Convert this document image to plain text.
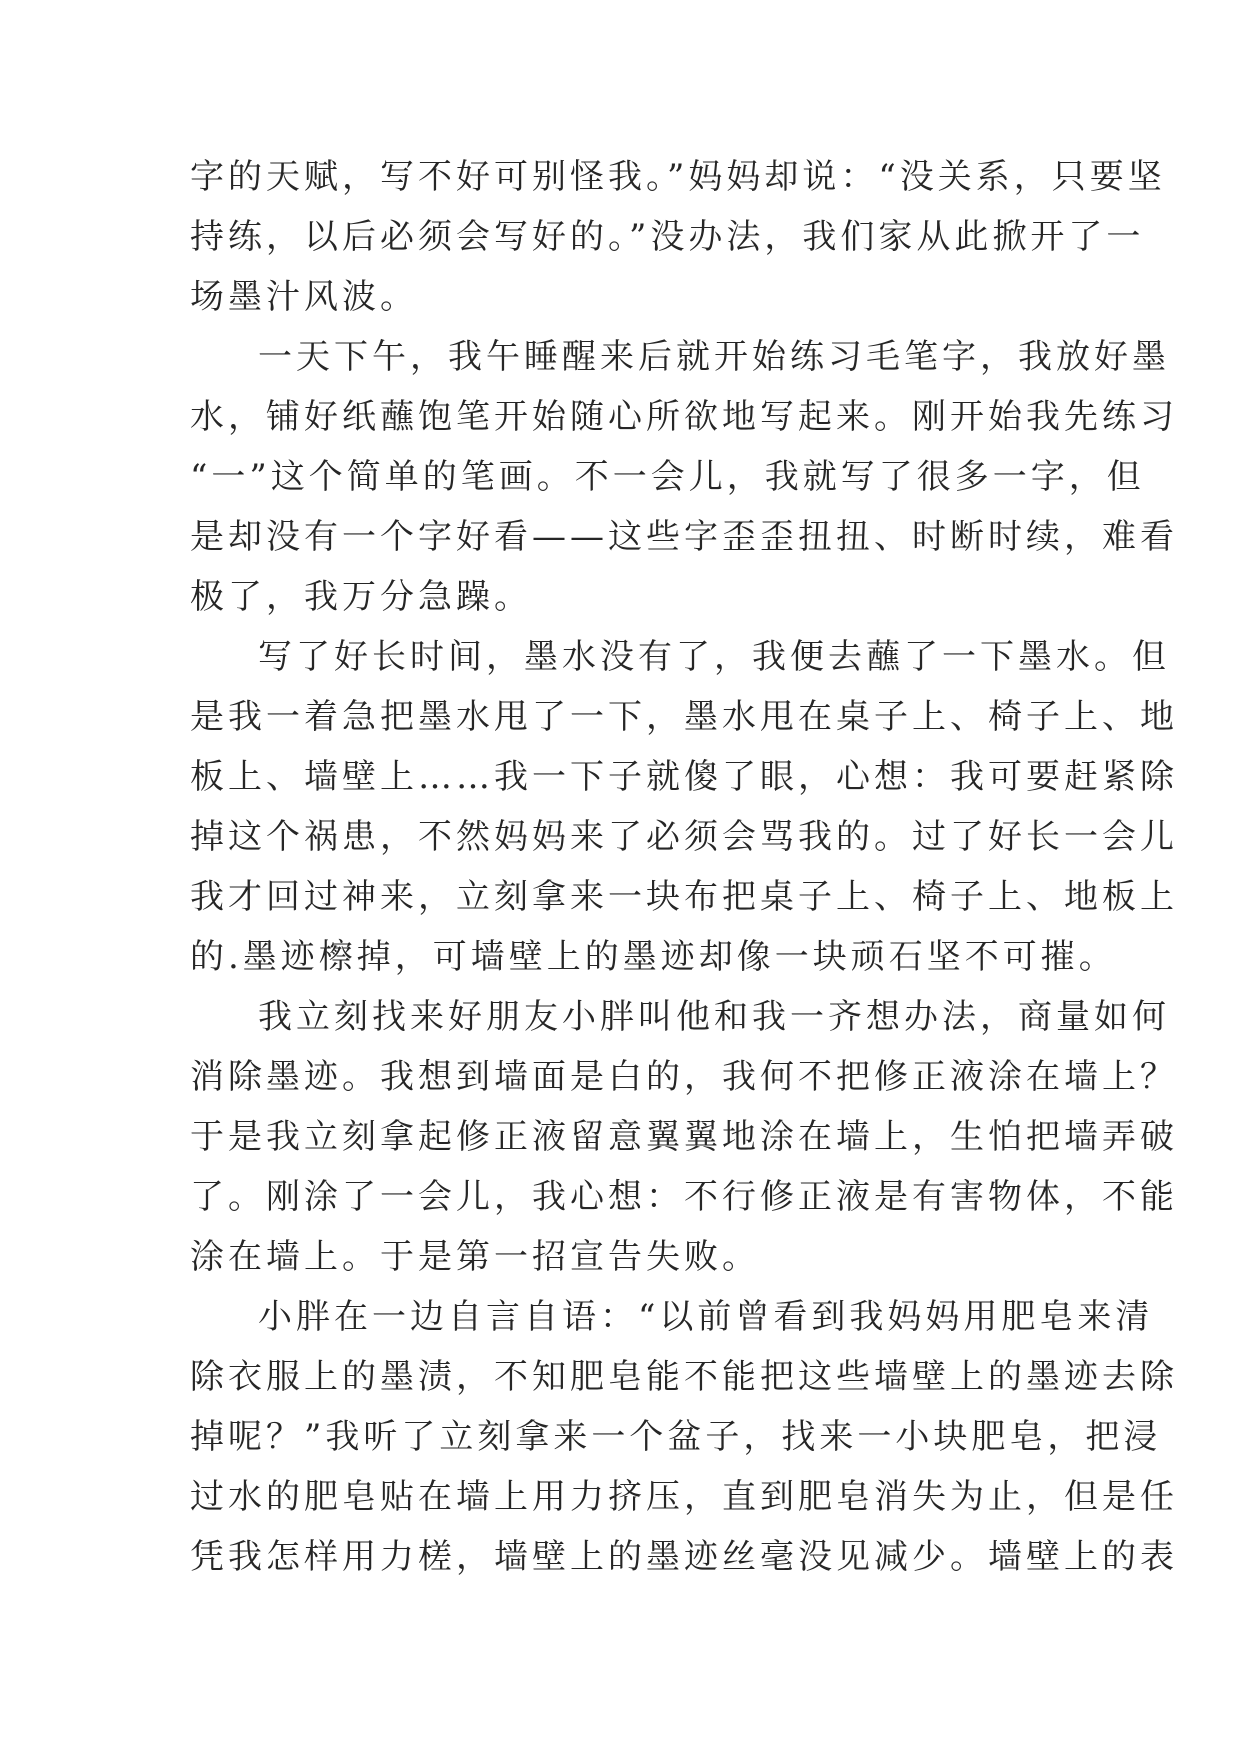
字的天赋，写不好可别怪我。”妈妈却说：“没关系，只要坚
持练，以后必须会写好的。”没办法，我们家从此掀开了一
场墨汁风波。
一天下午，我午睡醒来后就开始练习毛笔字，我放好墨
水，铺好纸蘸饱笔开始随心所欲地写起来。刚开始我先练习
“一”这个简单的笔画。不一会儿，我就写了很多一字，但
是却没有一个字好看——这些字歪歪扭扭、时断时续，难看
极了，我万分急躁。
写了好长时间，墨水没有了，我便去蘸了一下墨水。但
是我一着急把墨水甩了一下，墨水甩在桌子上、椅子上、地
板上、墙壁上……我一下子就傻了眼，心想：我可要赶紧除
掉这个祸患，不然妈妈来了必须会骂我的。过了好长一会儿
我才回过神来，立刻拿来一块布把桌子上、椅子上、地板上
的.墨迹檫掉，可墙壁上的墨迹却像一块顽石坚不可摧。
我立刻找来好朋友小胖叫他和我一齐想办法，商量如何
消除墨迹。我想到墙面是白的，我何不把修正液涂在墙上？
于是我立刻拿起修正液留意翼翼地涂在墙上，生怕把墙弄破
了。刚涂了一会儿，我心想：不行修正液是有害物体，不能
涂在墙上。于是第一招宣告失败。
小胖在一边自言自语：“以前曾看到我妈妈用肥皂来清
除衣服上的墨渍，不知肥皂能不能把这些墙壁上的墨迹去除
掉呢？”我听了立刻拿来一个盆子，找来一小块肥皂，把浸
过水的肥皂贴在墙上用力挤压，直到肥皂消失为止，但是任
凭我怎样用力槎，墙壁上的墨迹丝毫没见减少。墙壁上的表
